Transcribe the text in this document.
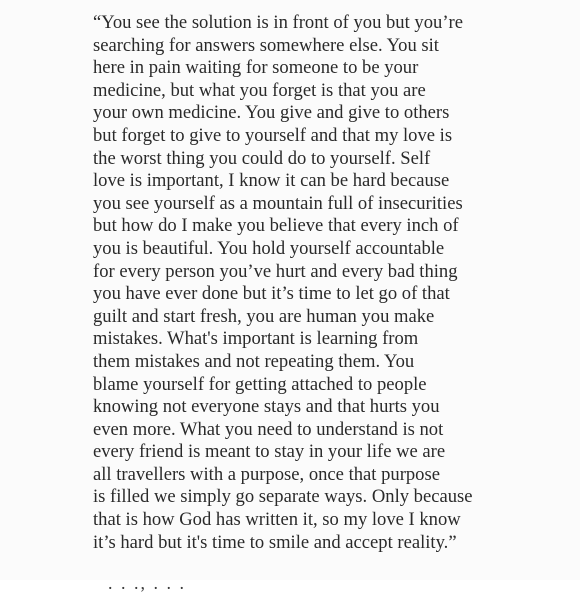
“You see the solution is in front of you but you’re
searching for answers somewhere else. You sit
here in pain waiting for someone to be your
medicine, but what you forget is that you are
your own medicine. You give and give to others
but forget to give to yourself and that my love is
the worst thing you could do to yourself. Self
love is important, I know it can be hard because
you see yourself as a mountain full of insecurities
but how do I make you believe that every inch of
you is beautiful. You hold yourself accountable
for every person you’ve hurt and every bad thing
you have ever done but it’s time to let go of that
guilt and start fresh, you are human you make
mistakes. What's important is learning from
them mistakes and not repeating them. You
blame yourself for getting attached to people
knowing not everyone stays and that hurts you
even more. What you need to understand is not
every friend is meant to stay in your life we are
all travellers with a purpose, once that purpose
is filled we simply go separate ways. Only because
that is how God has written it, so my love I know
it’s hard but it's time to smile and accept reality.”
. . ., . . .
